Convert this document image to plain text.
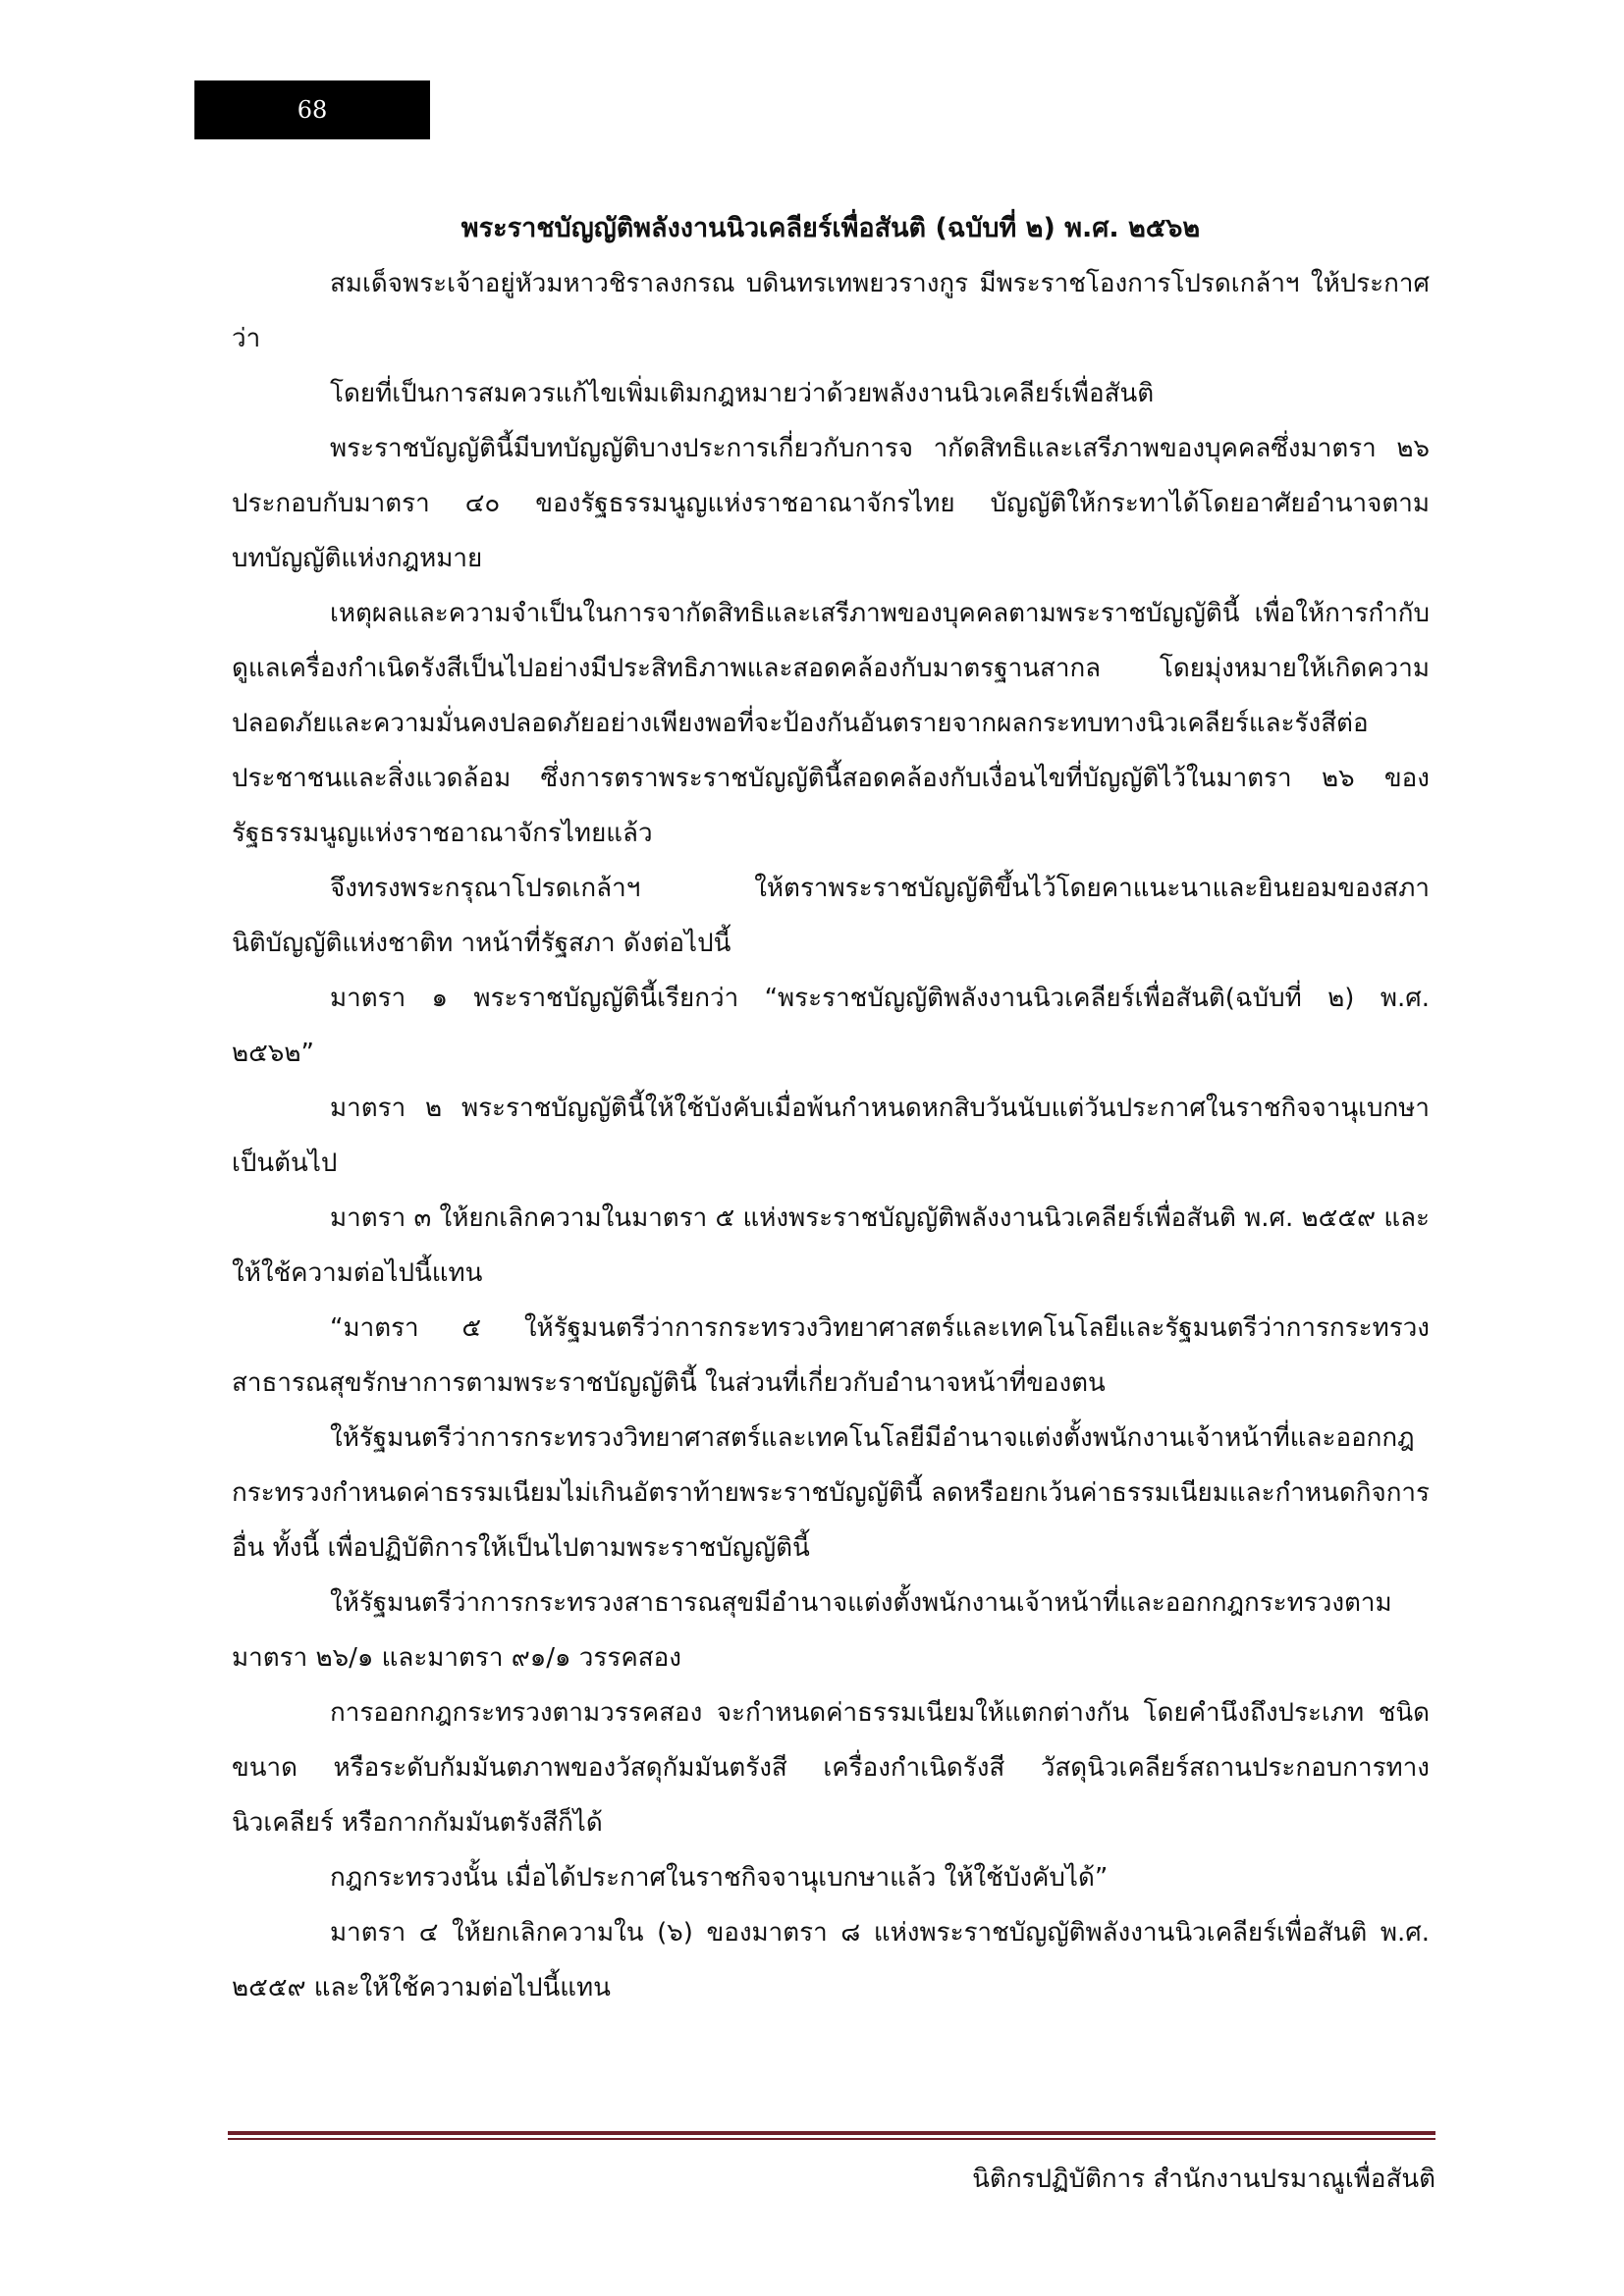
68
พระราชบัญญัติพลังงานนิวเคลียร์เพื่อสันติ (ฉบับที่ ๒) พ.ศ. ๒๕๖๒

สมเด็จพระเจ้าอยู่หัวมหาวชิราลงกรณ บดินทรเทพยวรางกูร มีพระราชโองการโปรดเกล้าฯ ให้ประกาศว่า

โดยที่เป็นการสมควรแก้ไขเพิ่มเติมกฎหมายว่าด้วยพลังงานนิวเคลียร์เพื่อสันติ

พระราชบัญญัตินี้มีบทบัญญัติบางประการเกี่ยวกับการจ ากัดสิทธิและเสรีภาพของบุคคลซึ่งมาตรา ๒๖ ประกอบกับมาตรา ๔๐ ของรัฐธรรมนูญแห่งราชอาณาจักรไทย บัญญัติให้กระทาได้โดยอาศัยอำนาจตามบทบัญญัติแห่งกฎหมาย

เหตุผลและความจำเป็นในการจากัดสิทธิและเสรีภาพของบุคคลตามพระราชบัญญัตินี้ เพื่อให้การกำกับดูแลเครื่องกำเนิดรังสีเป็นไปอย่างมีประสิทธิภาพและสอดคล้องกับมาตรฐานสากล โดยมุ่งหมายให้เกิดความปลอดภัยและความมั่นคงปลอดภัยอย่างเพียงพอที่จะป้องกันอันตรายจากผลกระทบทางนิวเคลียร์และรังสีต่อประชาชนและสิ่งแวดล้อม ซึ่งการตราพระราชบัญญัตินี้สอดคล้องกับเงื่อนไขที่บัญญัติไว้ในมาตรา ๒๖ ของรัฐธรรมนูญแห่งราชอาณาจักรไทยแล้ว

จึงทรงพระกรุณาโปรดเกล้าฯ ให้ตราพระราชบัญญัติขึ้นไว้โดยคาแนะนาและยินยอมของสภานิติบัญญัติแห่งชาติท าหน้าที่รัฐสภา ดังต่อไปนี้

มาตรา ๑ พระราชบัญญัตินี้เรียกว่า “พระราชบัญญัติพลังงานนิวเคลียร์เพื่อสันติ(ฉบับที่ ๒) พ.ศ. ๒๕๖๒”

มาตรา ๒ พระราชบัญญัตินี้ให้ใช้บังคับเมื่อพ้นกำหนดหกสิบวันนับแต่วันประกาศในราชกิจจานุเบกษาเป็นต้นไป

มาตรา ๓ ให้ยกเลิกความในมาตรา ๕ แห่งพระราชบัญญัติพลังงานนิวเคลียร์เพื่อสันติ พ.ศ. ๒๕๕๙ และให้ใช้ความต่อไปนี้แทน

“มาตรา ๕ ให้รัฐมนตรีว่าการกระทรวงวิทยาศาสตร์และเทคโนโลยีและรัฐมนตรีว่าการกระทรวงสาธารณสุขรักษาการตามพระราชบัญญัตินี้ ในส่วนที่เกี่ยวกับอำนาจหน้าที่ของตน

ให้รัฐมนตรีว่าการกระทรวงวิทยาศาสตร์และเทคโนโลยีมีอำนาจแต่งตั้งพนักงานเจ้าหน้าที่และออกกฎกระทรวงกำหนดค่าธรรมเนียมไม่เกินอัตราท้ายพระราชบัญญัตินี้ ลดหรือยกเว้นค่าธรรมเนียมและกำหนดกิจการอื่น ทั้งนี้ เพื่อปฏิบัติการให้เป็นไปตามพระราชบัญญัตินี้

ให้รัฐมนตรีว่าการกระทรวงสาธารณสุขมีอำนาจแต่งตั้งพนักงานเจ้าหน้าที่และออกกฎกระทรวงตามมาตรา ๒๖/๑ และมาตรา ๙๑/๑ วรรคสอง

การออกกฎกระทรวงตามวรรคสอง จะกำหนดค่าธรรมเนียมให้แตกต่างกัน โดยคำนึงถึงประเภท ชนิด ขนาด หรือระดับกัมมันตภาพของวัสดุกัมมันตรังสี เครื่องกำเนิดรังสี วัสดุนิวเคลียร์สถานประกอบการทางนิวเคลียร์ หรือกากกัมมันตรังสีก็ได้

กฎกระทรวงนั้น เมื่อได้ประกาศในราชกิจจานุเบกษาแล้ว ให้ใช้บังคับได้”

มาตรา ๔ ให้ยกเลิกความใน (๖) ของมาตรา ๘ แห่งพระราชบัญญัติพลังงานนิวเคลียร์เพื่อสันติ พ.ศ. ๒๕๕๙ และให้ใช้ความต่อไปนี้แทน

นิติกรปฏิบัติการ สำนักงานปรมาณูเพื่อสันติ
